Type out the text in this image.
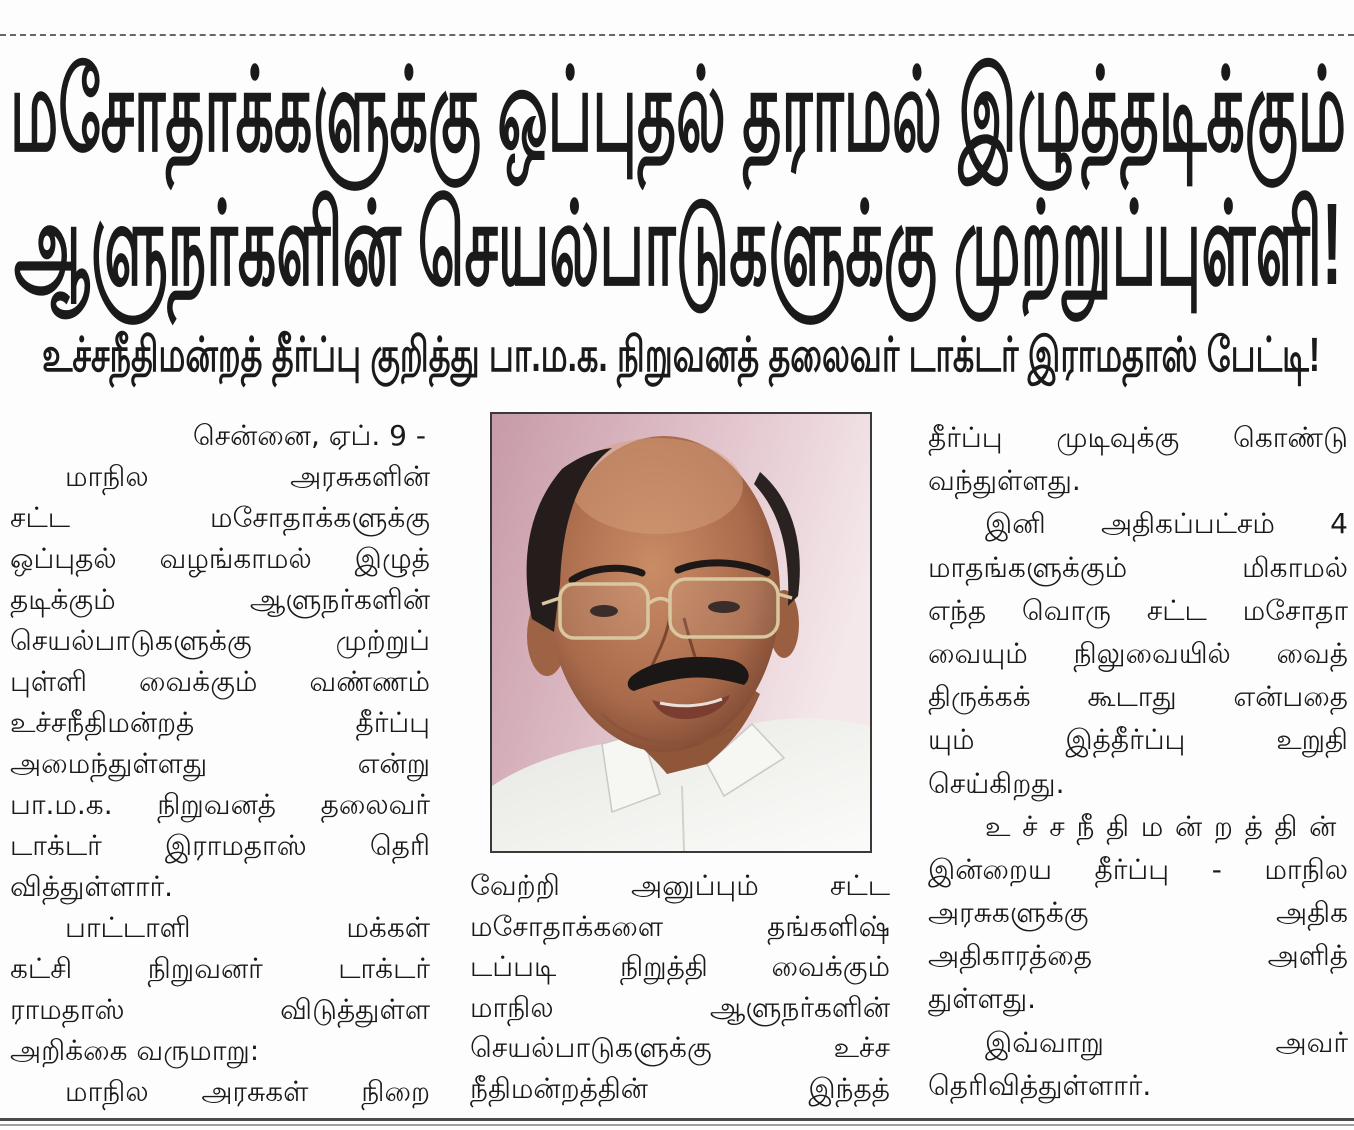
மசோதாக்களுக்கு ஒப்புதல் தராமல் இழுத்தடிக்கும்
ஆளுநர்களின் செயல்பாடுகளுக்கு முற்றுப்புள்ளி!
உச்சநீதிமன்றத் தீர்ப்பு குறித்து பா.ம.க. நிறுவனத் தலைவர் டாக்டர் இராமதாஸ் பேட்டி!
சென்னை, ஏப். 9 -
மாநில அரசுகளின்
சட்ட மசோதாக்களுக்கு
ஒப்புதல் வழங்காமல் இழுத்
தடிக்கும் ஆளுநர்களின்
செயல்பாடுகளுக்கு முற்றுப்
புள்ளி வைக்கும் வண்ணம்
உச்சநீதிமன்றத் தீர்ப்பு
அமைந்துள்ளது என்று
பா.ம.க. நிறுவனத் தலைவர்
டாக்டர் இராமதாஸ் தெரி
வித்துள்ளார்.
பாட்டாளி மக்கள்
கட்சி நிறுவனர் டாக்டர்
ராமதாஸ் விடுத்துள்ள
அறிக்கை வருமாறு:
மாநில அரசுகள் நிறை
வேற்றி அனுப்பும் சட்ட
மசோதாக்களை தங்களிஷ்
டப்படி நிறுத்தி வைக்கும்
மாநில ஆளுநர்களின்
செயல்பாடுகளுக்கு உச்ச
நீதிமன்றத்தின் இந்தத்
தீர்ப்பு முடிவுக்கு கொண்டு
வந்துள்ளது.
இனி அதிகப்பட்சம் 4
மாதங்களுக்கும் மிகாமல்
எந்த வொரு சட்ட மசோதா
வையும் நிலுவையில் வைத்
திருக்கக் கூடாது என்பதை
யும் இத்தீர்ப்பு உறுதி
செய்கிறது.
உச்சநீதிமன்றத்தின்
இன்றைய தீர்ப்பு - மாநில
அரசுகளுக்கு அதிக
அதிகாரத்தை அளித்
துள்ளது.
இவ்வாறு அவர்
தெரிவித்துள்ளார்.
